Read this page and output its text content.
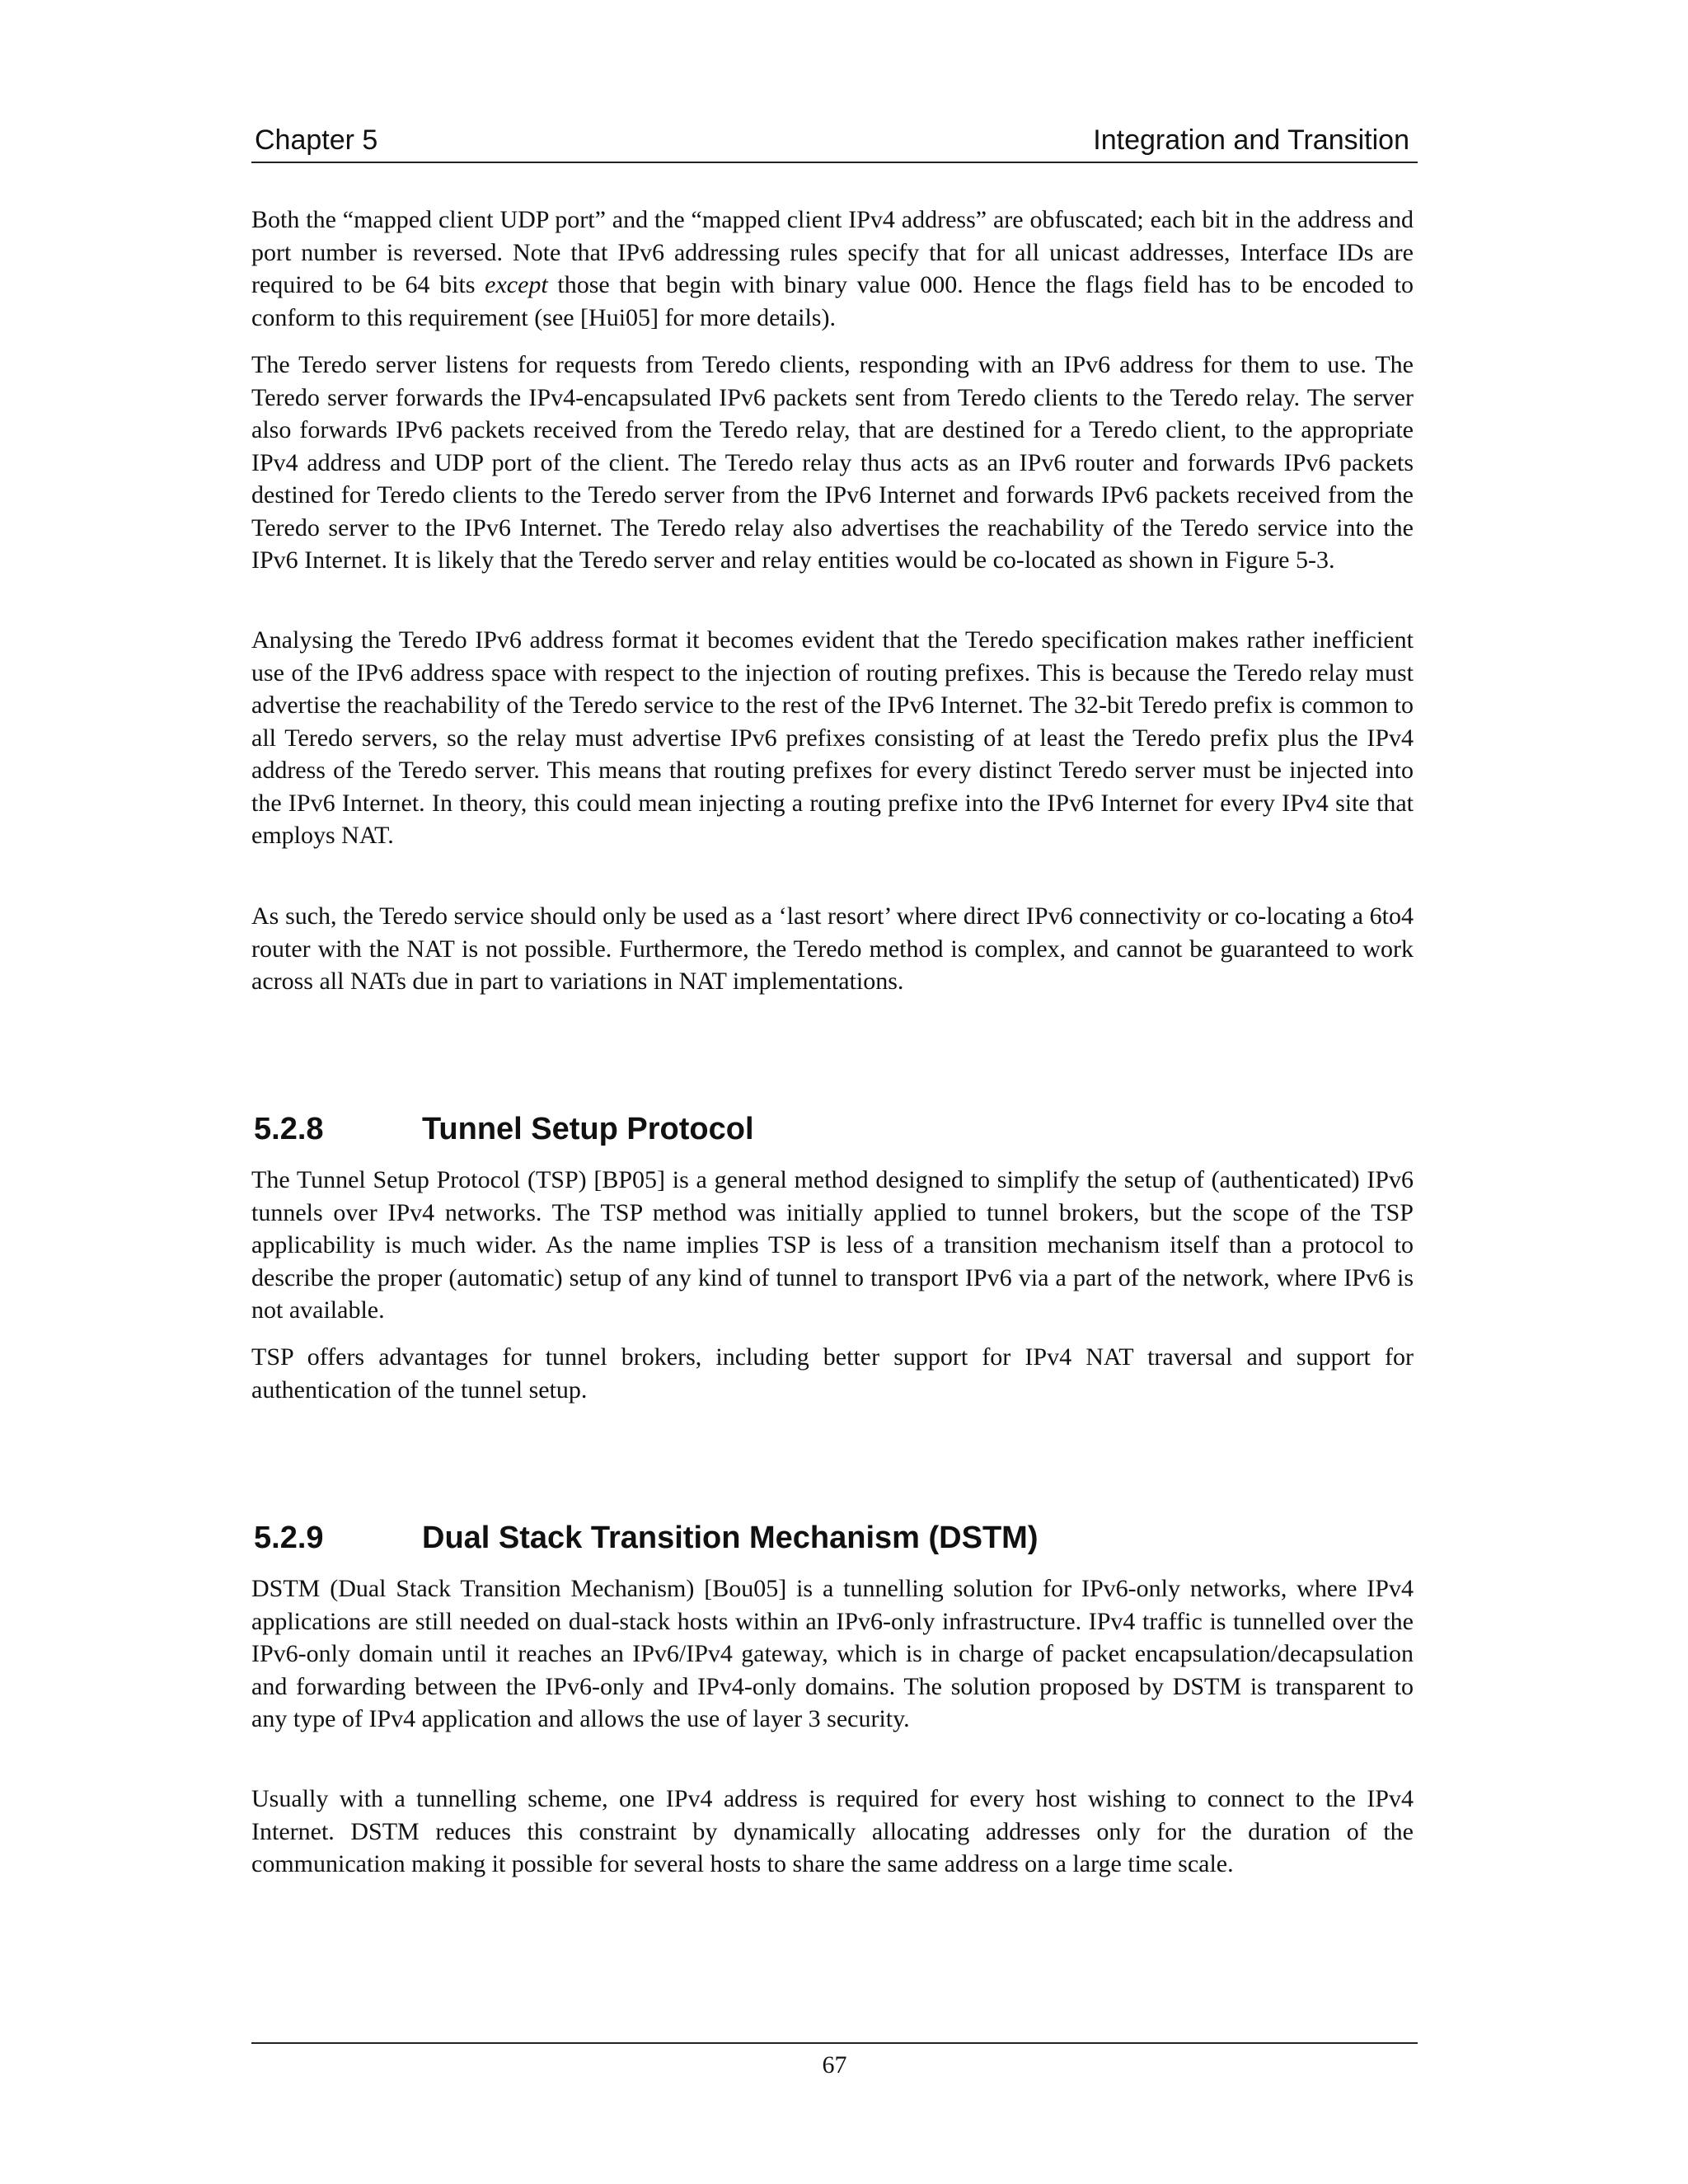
Chapter 5	Integration and Transition

Both the “mapped client UDP port” and the “mapped client IPv4 address” are obfuscated; each bit in the address and port number is reversed. Note that IPv6 addressing rules specify that for all unicast addresses, Interface IDs are required to be 64 bits except those that begin with binary value 000. Hence the flags field has to be encoded to conform to this requirement (see [Hui05] for more details).

The Teredo server listens for requests from Teredo clients, responding with an IPv6 address for them to use. The Teredo server forwards the IPv4-encapsulated IPv6 packets sent from Teredo clients to the Teredo relay. The server also forwards IPv6 packets received from the Teredo relay, that are destined for a Teredo client, to the appropriate IPv4 address and UDP port of the client. The Teredo relay thus acts as an IPv6 router and forwards IPv6 packets destined for Teredo clients to the Teredo server from the IPv6 Internet and forwards IPv6 packets received from the Teredo server to the IPv6 Internet. The Teredo relay also advertises the reachability of the Teredo service into the IPv6 Internet. It is likely that the Teredo server and relay entities would be co-located as shown in Figure 5-3.

Analysing the Teredo IPv6 address format it becomes evident that the Teredo specification makes rather inefficient use of the IPv6 address space with respect to the injection of routing prefixes. This is because the Teredo relay must advertise the reachability of the Teredo service to the rest of the IPv6 Internet. The 32-bit Teredo prefix is common to all Teredo servers, so the relay must advertise IPv6 prefixes consisting of at least the Teredo prefix plus the IPv4 address of the Teredo server. This means that routing prefixes for every distinct Teredo server must be injected into the IPv6 Internet. In theory, this could mean injecting a routing prefixe into the IPv6 Internet for every IPv4 site that employs NAT.

As such, the Teredo service should only be used as a ‘last resort’ where direct IPv6 connectivity or co-locating a 6to4 router with the NAT is not possible. Furthermore, the Teredo method is complex, and cannot be guaranteed to work across all NATs due in part to variations in NAT implementations.

5.2.8	Tunnel Setup Protocol

The Tunnel Setup Protocol (TSP) [BP05] is a general method designed to simplify the setup of (authenticated) IPv6 tunnels over IPv4 networks. The TSP method was initially applied to tunnel brokers, but the scope of the TSP applicability is much wider. As the name implies TSP is less of a transition mechanism itself than a protocol to describe the proper (automatic) setup of any kind of tunnel to transport IPv6 via a part of the network, where IPv6 is not available.

TSP offers advantages for tunnel brokers, including better support for IPv4 NAT traversal and support for authentication of the tunnel setup.

5.2.9	Dual Stack Transition Mechanism (DSTM)

DSTM (Dual Stack Transition Mechanism) [Bou05] is a tunnelling solution for IPv6-only networks, where IPv4 applications are still needed on dual-stack hosts within an IPv6-only infrastructure. IPv4 traffic is tunnelled over the IPv6-only domain until it reaches an IPv6/IPv4 gateway, which is in charge of packet encapsulation/decapsulation and forwarding between the IPv6-only and IPv4-only domains. The solution proposed by DSTM is transparent to any type of IPv4 application and allows the use of layer 3 security.

Usually with a tunnelling scheme, one IPv4 address is required for every host wishing to connect to the IPv4 Internet. DSTM reduces this constraint by dynamically allocating addresses only for the duration of the communication making it possible for several hosts to share the same address on a large time scale.

67
